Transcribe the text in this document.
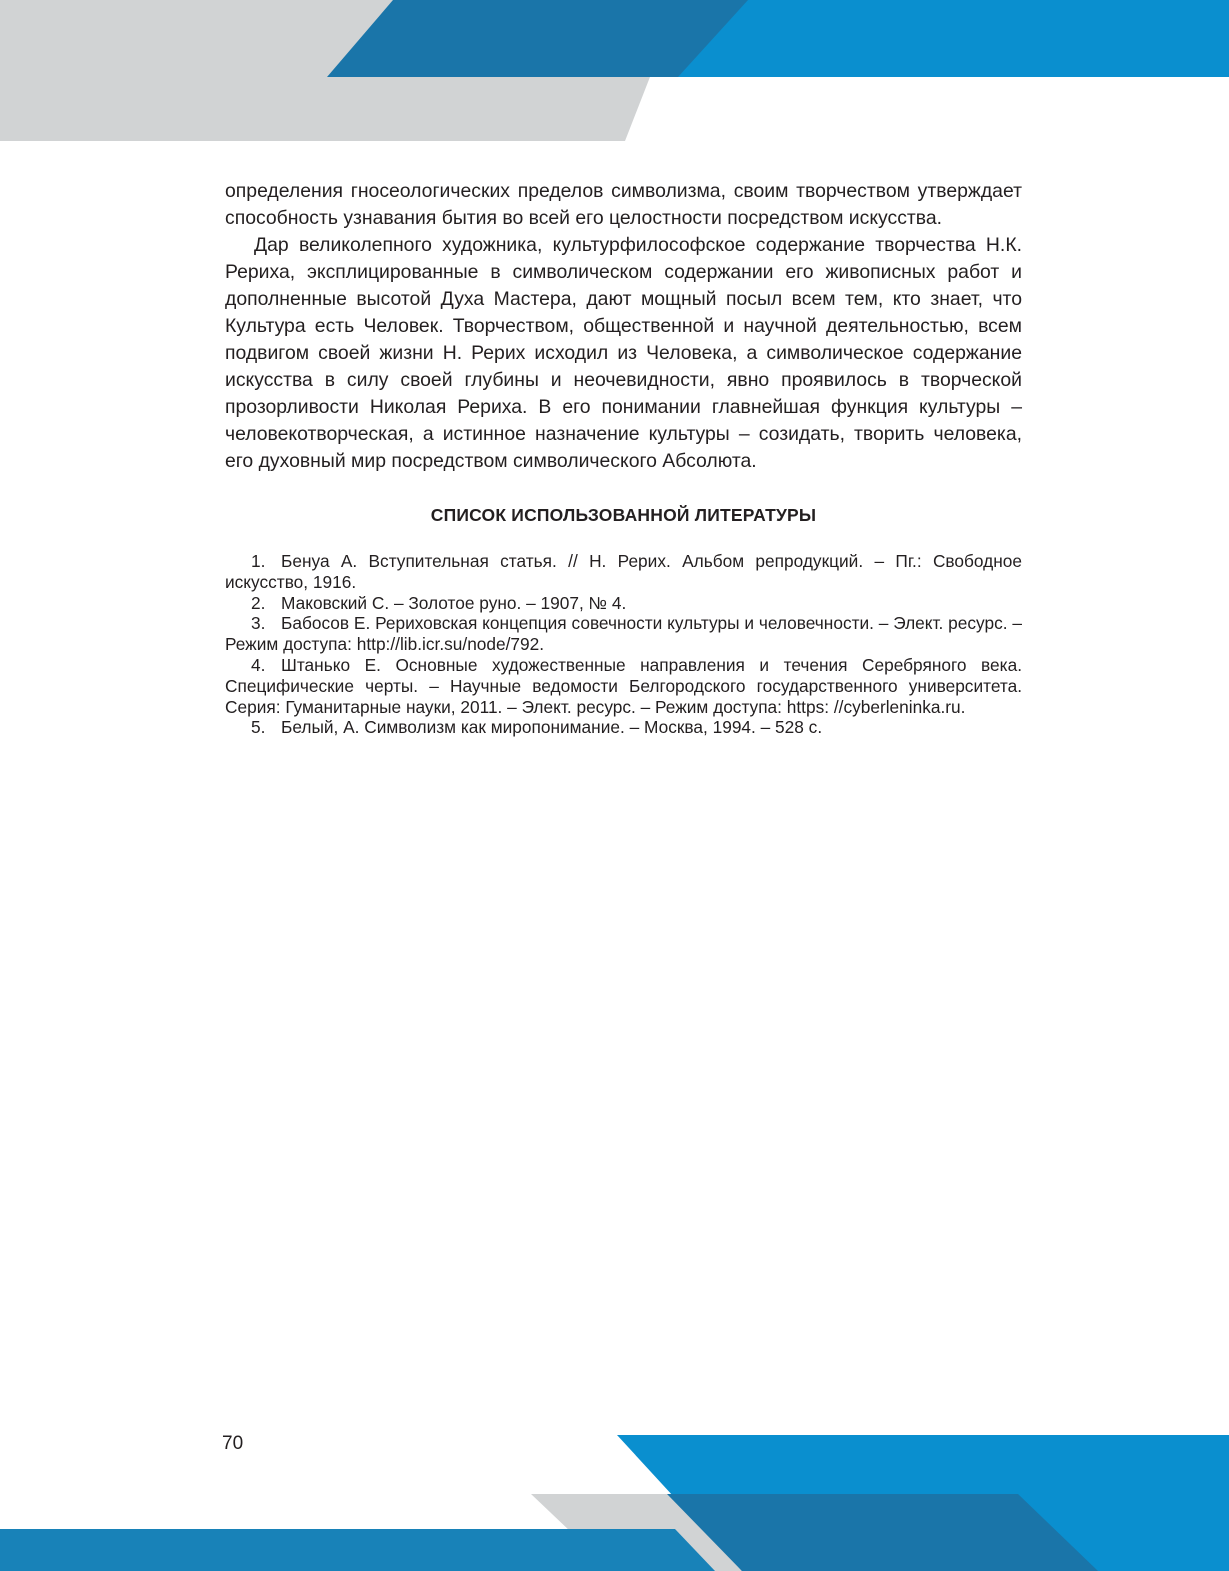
определения гносеологических пределов символизма, своим творчеством утверждает способность узнавания бытия во всей его целостности посредством искусства.

Дар великолепного художника, культурфилософское содержание творчества Н.К. Рериха, эксплицированные в символическом содержании его живописных работ и дополненные высотой Духа Мастера, дают мощный посыл всем тем, кто знает, что Культура есть Человек. Творчеством, общественной и научной деятельностью, всем подвигом своей жизни Н. Рерих исходил из Человека, а символическое содержание искусства в силу своей глубины и неочевидности, явно проявилось в творческой прозорливости Николая Рериха. В его понимании главнейшая функция культуры – человекотворческая, а истинное назначение культуры – созидать, творить человека, его духовный мир посредством символического Абсолюта.

СПИСОК ИСПОЛЬЗОВАННОЙ ЛИТЕРАТУРЫ
1. Бенуа А. Вступительная статья. // Н. Рерих. Альбом репродукций. – Пг.: Свободное искусство, 1916.
2. Маковский С. – Золотое руно. – 1907, № 4.
3. Бабосов Е. Рериховская концепция совечности культуры и человечности. – Элект. ресурс. – Режим доступа: http://lib.icr.su/node/792.
4. Штанько Е. Основные художественные направления и течения Серебряного века. Специфические черты. – Научные ведомости Белгородского государственного университета. Серия: Гуманитарные науки, 2011. – Элект. ресурс. – Режим доступа: https: //cyberleninka.ru.
5. Белый, А. Символизм как миропонимание. – Москва, 1994. – 528 с.
70
